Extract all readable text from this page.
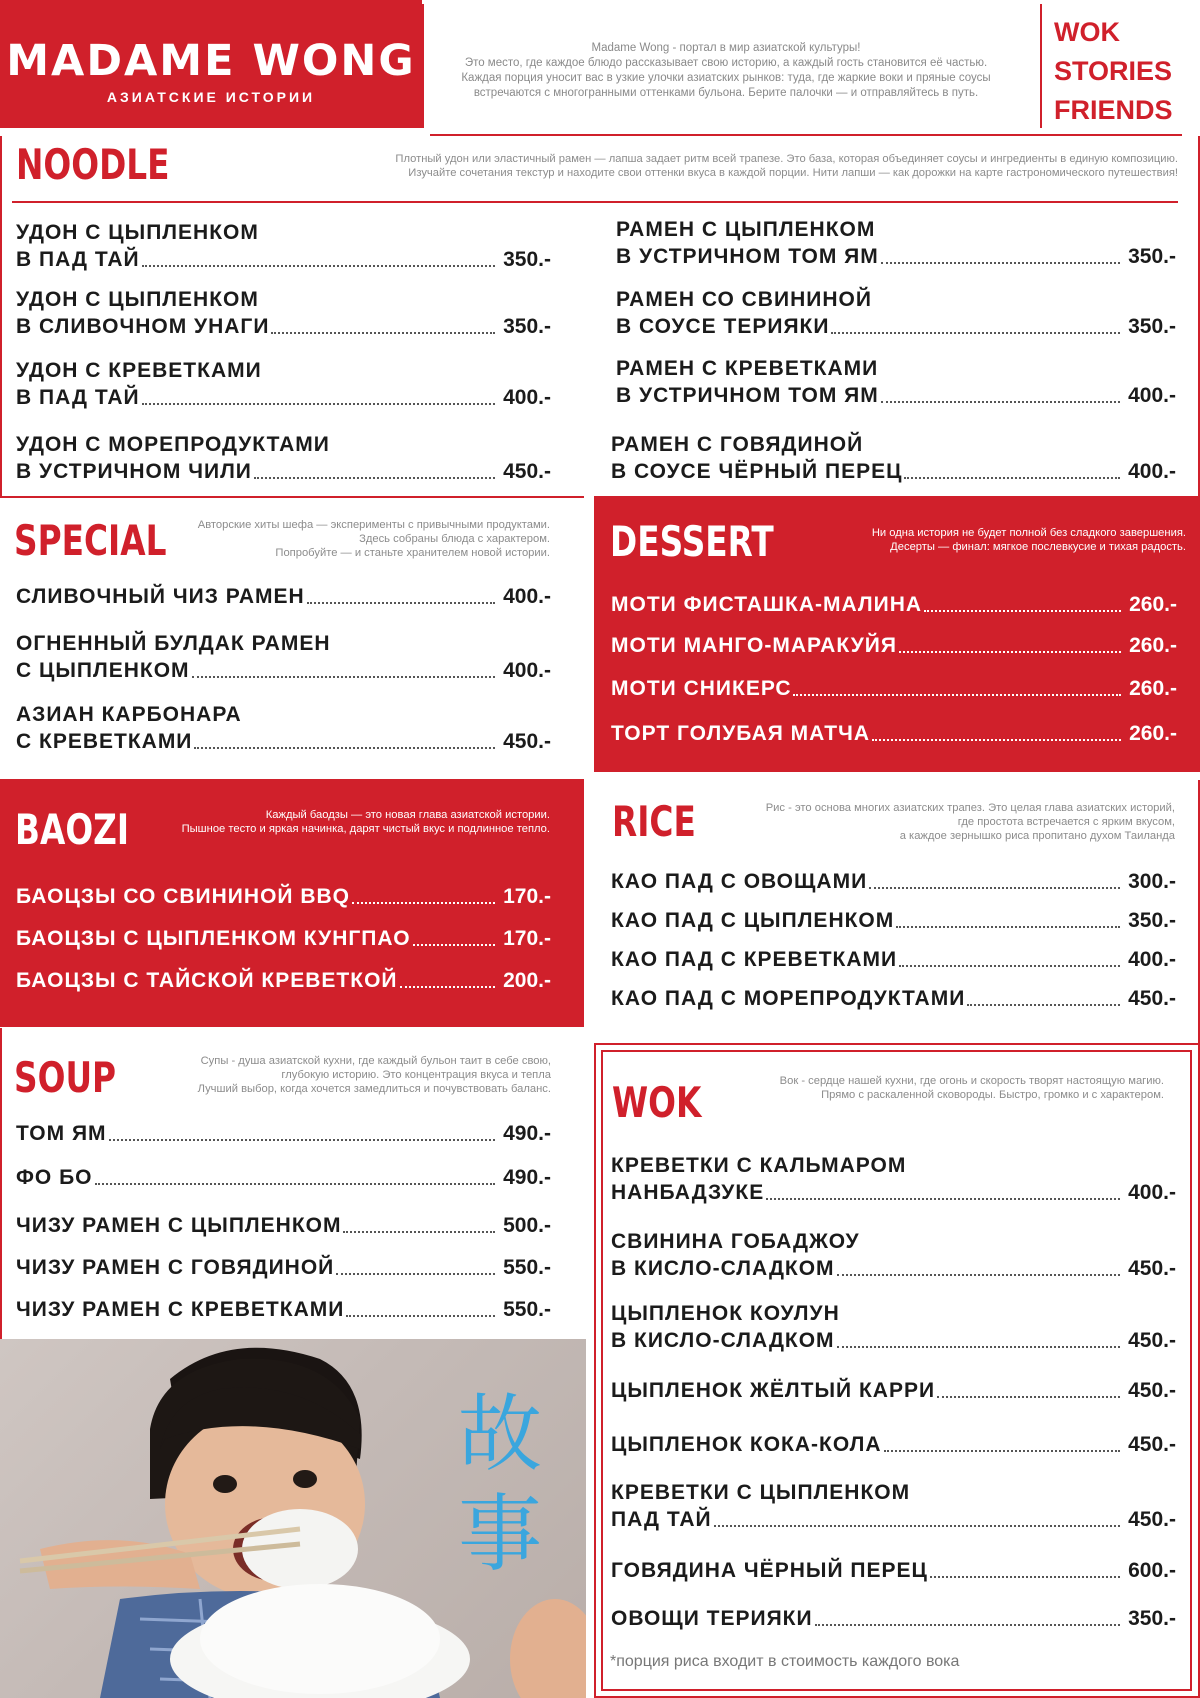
MADAME WONG
АЗИАТСКИЕ ИСТОРИИ
Madame Wong - портал в мир азиатской культуры!
Это место, где каждое блюдо рассказывает свою историю, а каждый гость становится её частью.
Каждая порция уносит вас в узкие улочки азиатских рынков: туда, где жаркие воки и пряные соусы
встречаются с многогранными оттенками бульона. Берите палочки — и отправляйтесь в путь.
WOK
STORIES
FRIENDS
NOODLE	Плотный удон или эластичный рамен — лапша задает ритм всей трапезе. Это база, которая объединяет соусы и ингредиенты в единую композицию.
Изучайте сочетания текстур и находите свои оттенки вкуса в каждой порции. Нити лапши — как дорожки на карте гастрономического путешествия!
УДОН С ЦЫПЛЕНКОМ
В ПАД ТАЙ	350.-
УДОН С ЦЫПЛЕНКОМ
В СЛИВОЧНОМ УНАГИ	350.-
УДОН С КРЕВЕТКАМИ
В ПАД ТАЙ	400.-
УДОН С МОРЕПРОДУКТАМИ
В УСТРИЧНОМ ЧИЛИ	450.-
РАМЕН С ЦЫПЛЕНКОМ
В УСТРИЧНОМ ТОМ ЯМ	350.-
РАМЕН СО СВИНИНОЙ
В СОУСЕ ТЕРИЯКИ	350.-
РАМЕН С КРЕВЕТКАМИ
В УСТРИЧНОМ ТОМ ЯМ	400.-
РАМЕН С ГОВЯДИНОЙ
В СОУСЕ ЧЁРНЫЙ ПЕРЕЦ	400.-
SPECIAL	Авторские хиты шефа — эксперименты с привычными продуктами.
Здесь собраны блюда с характером.
Попробуйте — и станьте хранителем новой истории.
СЛИВОЧНЫЙ ЧИЗ РАМЕН	400.-
ОГНЕННЫЙ БУЛДАК РАМЕН
С ЦЫПЛЕНКОМ	400.-
АЗИАН КАРБОНАРА
С КРЕВЕТКАМИ	450.-
DESSERT	Ни одна история не будет полной без сладкого завершения.
Десерты — финал: мягкое послевкусие и тихая радость.
МОТИ ФИСТАШКА-МАЛИНА	260.-
МОТИ МАНГО-МАРАКУЙЯ	260.-
МОТИ СНИКЕРС	260.-
ТОРТ ГОЛУБАЯ МАТЧА	260.-
BAOZI	Каждый баодзы — это новая глава азиатской истории.
Пышное тесто и яркая начинка, дарят чистый вкус и подлинное тепло.
БАОЦЗЫ СО СВИНИНОЙ BBQ	170.-
БАОЦЗЫ С ЦЫПЛЕНКОМ КУНГПАО	170.-
БАОЦЗЫ С ТАЙСКОЙ КРЕВЕТКОЙ	200.-
RICE	Рис - это основа многих азиатских трапез. Это целая глава азиатских историй,
где простота встречается с ярким вкусом,
а каждое зернышко риса пропитано духом Таиланда
КАО ПАД С ОВОЩАМИ	300.-
КАО ПАД С ЦЫПЛЕНКОМ	350.-
КАО ПАД С КРЕВЕТКАМИ	400.-
КАО ПАД С МОРЕПРОДУКТАМИ	450.-
SOUP	Супы - душа азиатской кухни, где каждый бульон таит в себе свою,
глубокую историю. Это концентрация вкуса и тепла
Лучший выбор, когда хочется замедлиться и почувствовать баланс.
ТОМ ЯМ	490.-
ФО БО	490.-
ЧИЗУ РАМЕН С ЦЫПЛЕНКОМ	500.-
ЧИЗУ РАМЕН С ГОВЯДИНОЙ	550.-
ЧИЗУ РАМЕН С КРЕВЕТКАМИ	550.-
故
事
WOK	Вок - сердце нашей кухни, где огонь и скорость творят настоящую магию.
Прямо с раскаленной сковороды. Быстро, громко и с характером.
КРЕВЕТКИ С КАЛЬМАРОМ
НАНБАДЗУКЕ	400.-
СВИНИНА ГОБАДЖОУ
В КИСЛО-СЛАДКОМ	450.-
ЦЫПЛЕНОК КОУЛУН
В КИСЛО-СЛАДКОМ	450.-
ЦЫПЛЕНОК ЖЁЛТЫЙ КАРРИ	450.-
ЦЫПЛЕНОК КОКА-КОЛА	450.-
КРЕВЕТКИ С ЦЫПЛЕНКОМ
ПАД ТАЙ	450.-
ГОВЯДИНА ЧЁРНЫЙ ПЕРЕЦ	600.-
ОВОЩИ ТЕРИЯКИ	350.-
*порция риса входит в стоимость каждого вока
